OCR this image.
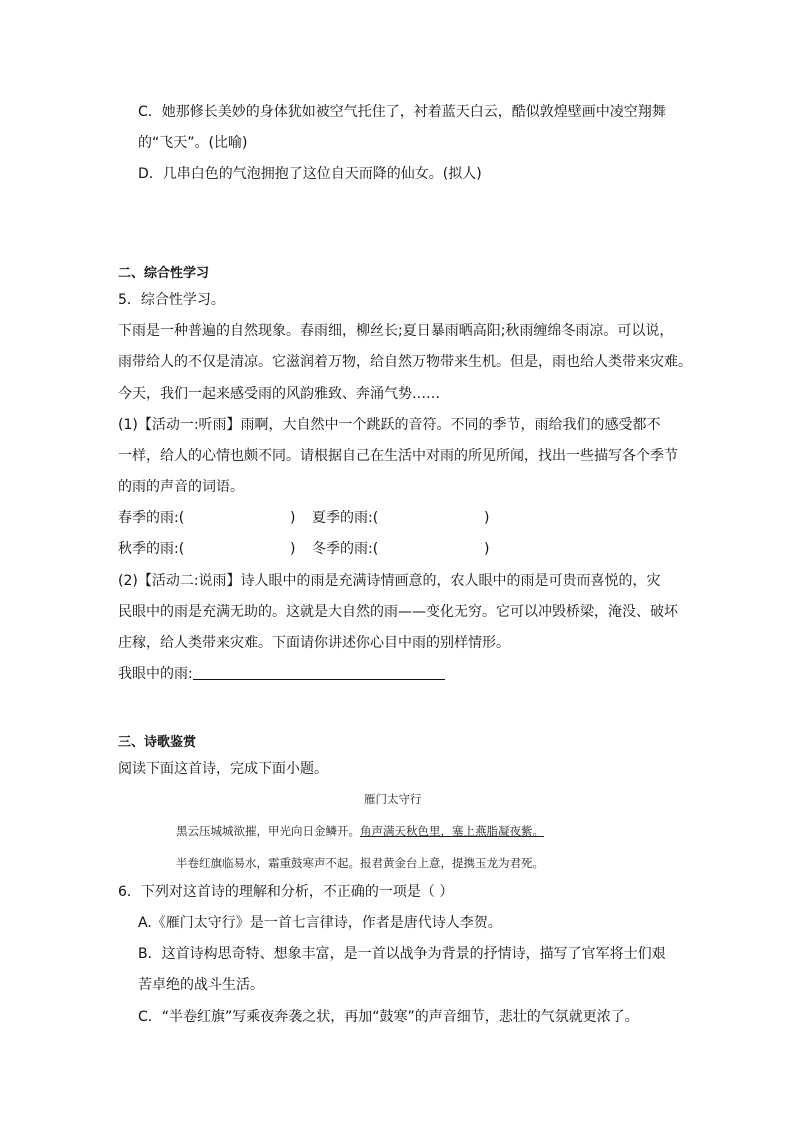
C．她那修长美妙的身体犹如被空气托住了，衬着蓝天白云，酷似敦煌壁画中凌空翔舞
的“飞天”。(比喻)
D．几串白色的气泡拥抱了这位自天而降的仙女。(拟人)
二、综合性学习
5．综合性学习。
下雨是一种普遍的自然现象。春雨细，柳丝长;夏日暴雨晒高阳;秋雨缠绵冬雨凉。可以说，
雨带给人的不仅是清凉。它滋润着万物，给自然万物带来生机。但是，雨也给人类带来灾难。
今天，我们一起来感受雨的风韵雅致、奔涌气势……
(1)【活动一:听雨】雨啊，大自然中一个跳跃的音符。不同的季节，雨给我们的感受都不
一样，给人的心情也颇不同。请根据自己在生活中对雨的所见所闻，找出一些描写各个季节
的雨的声音的词语。
春季的雨:(	) 夏季的雨:(	)
秋季的雨:(	) 冬季的雨:(	)
(2)【活动二:说雨】诗人眼中的雨是充满诗情画意的，农人眼中的雨是可贵而喜悦的，灾
民眼中的雨是充满无助的。这就是大自然的雨——变化无穷。它可以冲毁桥梁，淹没、破坏
庄稼，给人类带来灾难。下面请你讲述你心目中雨的别样情形。
我眼中的雨:
三、诗歌鉴赏
阅读下面这首诗，完成下面小题。
雁门太守行
黑云压城城欲摧，甲光向日金鳞开。角声满天秋色里，塞上燕脂凝夜紫。
半卷红旗临易水，霜重鼓寒声不起。报君黄金台上意，提携玉龙为君死。
6．下列对这首诗的理解和分析，不正确的一项是（ ）
A.《雁门太守行》是一首七言律诗，作者是唐代诗人李贺。
B．这首诗构思奇特、想象丰富，是一首以战争为背景的抒情诗，描写了官军将士们艰
苦卓绝的战斗生活。
C．“半卷红旗”写乘夜奔袭之状，再加“鼓寒”的声音细节，悲壮的气氛就更浓了。
